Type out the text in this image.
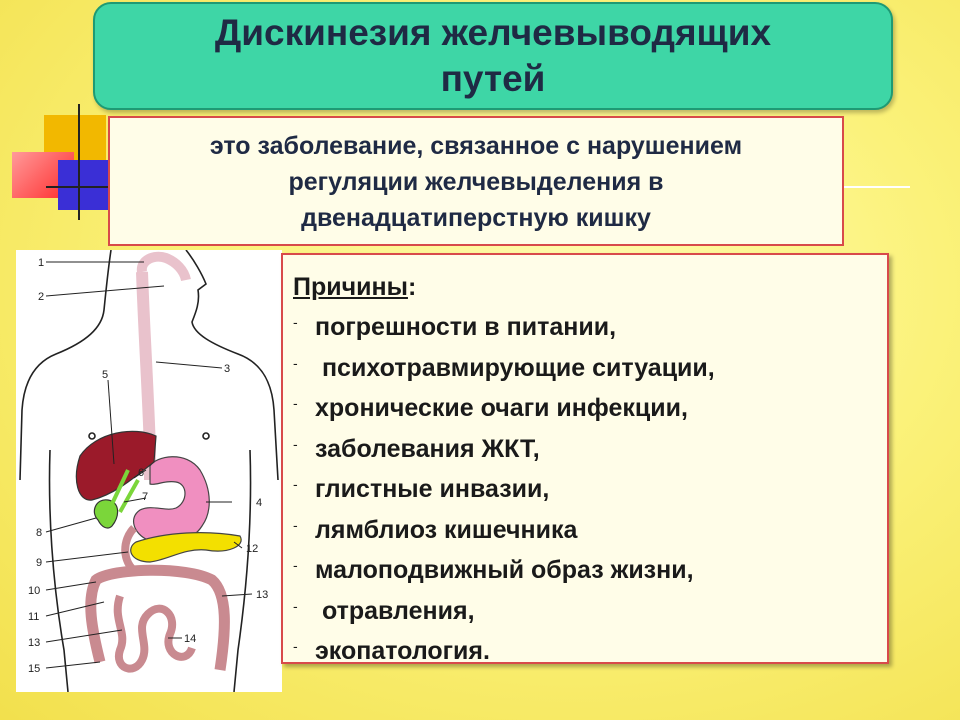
Дискинезия желчевыводящих
путей
это заболевание, связанное с нарушением
регуляции желчевыделения в
двенадцатиперстную кишку
1
2
3
5
4
6
7
8
9
10
11
12
13
13	14
15
Причины:
- погрешности в питании,
- психотравмирующие ситуации,
- хронические очаги инфекции,
- заболевания ЖКТ,
- глистные инвазии,
- лямблиоз кишечника
- малоподвижный образ жизни,
- отравления,
- экопатология.
